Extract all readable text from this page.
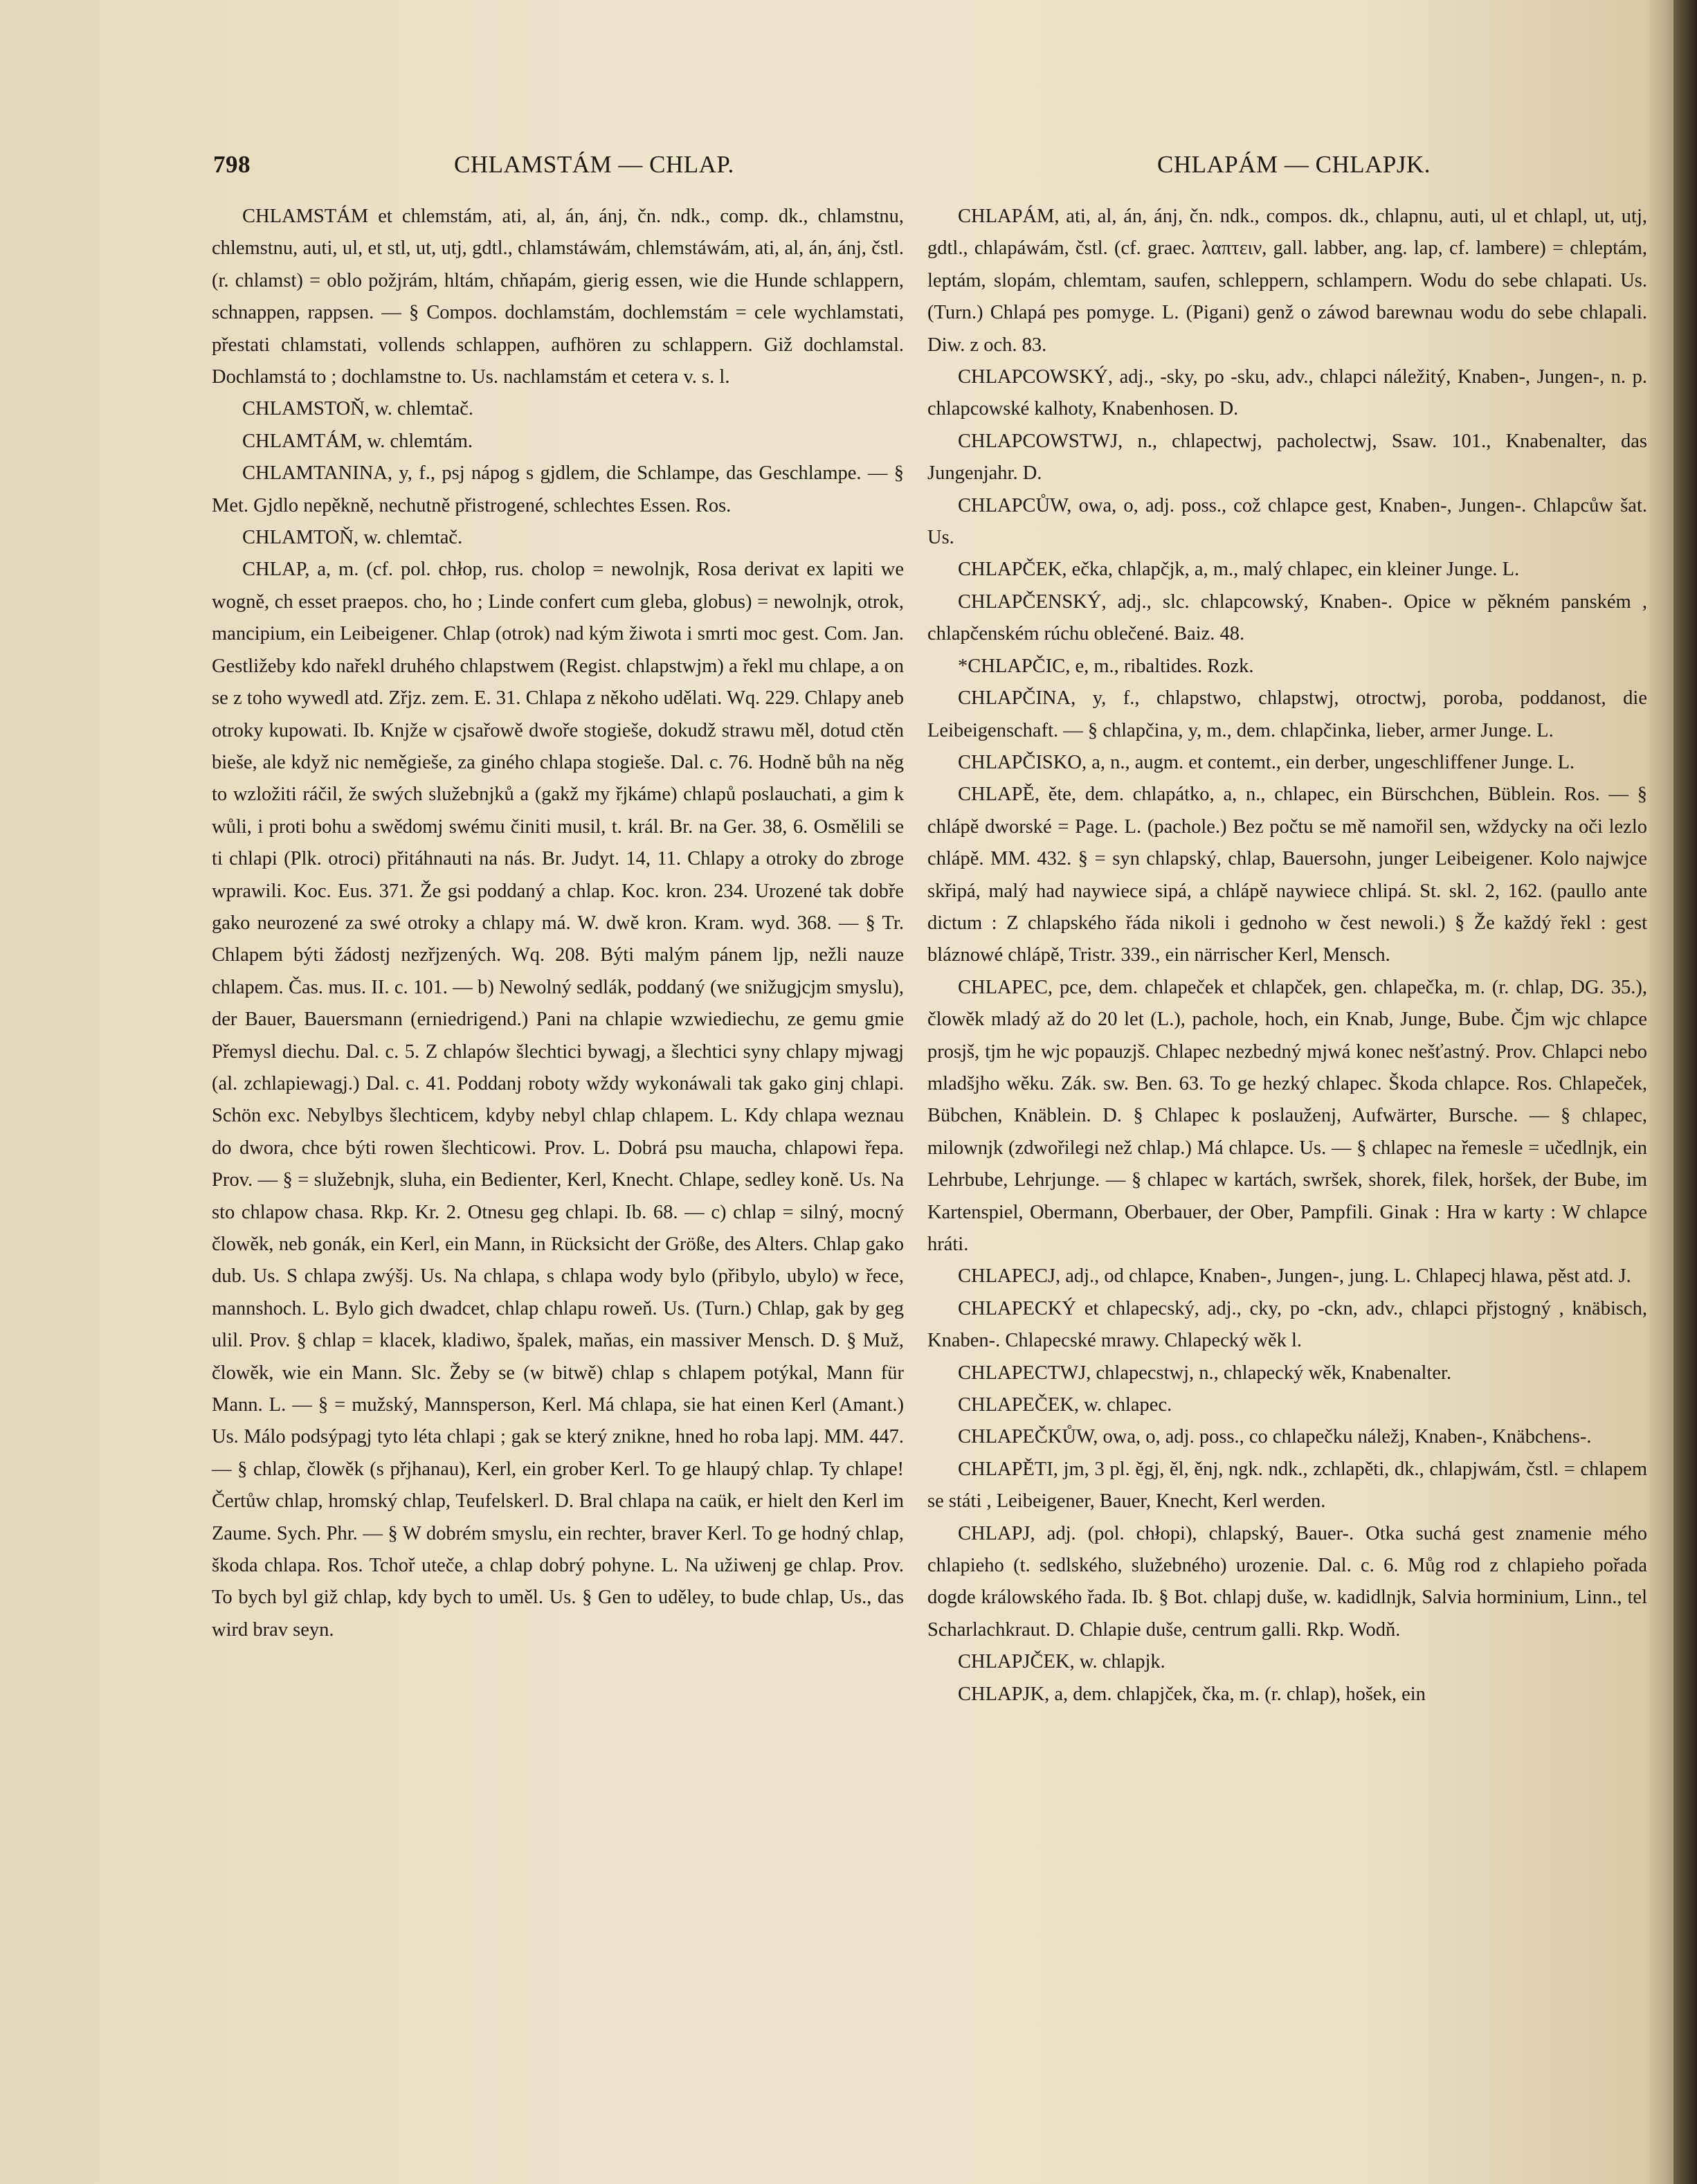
798	CHLAMSTÁM — CHLAP.	CHLAPÁM — CHLAPJK.

CHLAMSTÁM et chlemstám, ati, al, án, ánj, čn. ndk., comp. dk., chlamstnu, chlemstnu, auti, ul, et stl, ut, utj, gdtl., chlamstáwám, chlemstáwám, ati, al, án, ánj, čstl. (r. chlamst) = oblo požjrám, hltám, chňapám, gierig essen, wie die Hunde schlappern, schnappen, rappsen. — § Compos. dochlamstám, dochlemstám = cele wychlamstati, přestati chlamstati, vollends schlappen, aufhören zu schlappern. Giž dochlamstal. Dochlamstá to ; dochlamstne to. Us. nachlamstám et cetera v. s. l.

CHLAMSTOŇ, w. chlemtač.

CHLAMTÁM, w. chlemtám.

CHLAMTANINA, y, f., psj nápog s gjdlem, die Schlampe, das Geschlampe. — § Met. Gjdlo nepěkně, nechutně přistrogené, schlechtes Essen. Ros.

CHLAMTOŇ, w. chlemtač.

CHLAP, a, m. (cf. pol. chłop, rus. cholop = newolnjk, Rosa derivat ex lapiti we wogně, ch esset praepos. cho, ho ; Linde confert cum gleba, globus) = newolnjk, otrok, mancipium, ein Leibeigener. Chlap (otrok) nad kým žiwota i smrti moc gest. Com. Jan. Gestližeby kdo nařekl druhého chlapstwem (Regist. chlapstwjm) a řekl mu chlape, a on se z toho wywedl atd. Zřjz. zem. E. 31. Chlapa z někoho udělati. Wq. 229. Chlapy aneb otroky kupowati. Ib. Knjže w cjsařowě dwoře stogieše, dokudž strawu měl, dotud ctěn bieše, ale když nic neměgieše, za giného chlapa stogieše. Dal. c. 76. Hodně bůh na něg to wzložiti ráčil, že swých služebnjků a (gakž my řjkáme) chlapů poslauchati, a gim k wůli, i proti bohu a swědomj swému činiti musil, t. král. Br. na Ger. 38, 6. Osmělili se ti chlapi (Plk. otroci) přitáhnauti na nás. Br. Judyt. 14, 11. Chlapy a otroky do zbroge wprawili. Koc. Eus. 371. Že gsi poddaný a chlap. Koc. kron. 234. Urozené tak dobře gako neurozené za swé otroky a chlapy má. W. dwě kron. Kram. wyd. 368. — § Tr. Chlapem býti žádostj nezřjzených. Wq. 208. Býti malým pánem ljp, nežli nauze chlapem. Čas. mus. II. c. 101. — b) Newolný sedlák, poddaný (we snižugjcjm smyslu), der Bauer, Bauersmann (erniedrigend.) Pani na chlapie wzwiediechu, ze gemu gmie Přemysl diechu. Dal. c. 5. Z chlapów šlechtici bywagj, a šlechtici syny chlapy mjwagj (al. zchlapiewagj.) Dal. c. 41. Poddanj roboty wždy wykonáwali tak gako ginj chlapi. Schön exc. Nebylbys šlechticem, kdyby nebyl chlap chlapem. L. Kdy chlapa weznau do dwora, chce býti rowen šlechticowi. Prov. L. Dobrá psu maucha, chlapowi řepa. Prov. — § = služebnjk, sluha, ein Bedienter, Kerl, Knecht. Chlape, sedley koně. Us. Na sto chlapow chasa. Rkp. Kr. 2. Otnesu geg chlapi. Ib. 68. — c) chlap = silný, mocný člowěk, neb gonák, ein Kerl, ein Mann, in Rücksicht der Größe, des Alters. Chlap gako dub. Us. S chlapa zwýšj. Us. Na chlapa, s chlapa wody bylo (přibylo, ubylo) w řece, mannshoch. L. Bylo gich dwadcet, chlap chlapu roweň. Us. (Turn.) Chlap, gak by geg ulil. Prov. § chlap = klacek, kladiwo, špalek, maňas, ein massiver Mensch. D. § Muž, člowěk, wie ein Mann. Slc. Žeby se (w bitwě) chlap s chlapem potýkal, Mann für Mann. L. — § = mužský, Mannsperson, Kerl. Má chlapa, sie hat einen Kerl (Amant.) Us. Málo podsýpagj tyto léta chlapi ; gak se který znikne, hned ho roba lapj. MM. 447. — § chlap, člowěk (s přjhanau), Kerl, ein grober Kerl. To ge hlaupý chlap. Ty chlape! Čertůw chlap, hromský chlap, Teufelskerl. D. Bral chlapa na caük, er hielt den Kerl im Zaume. Sych. Phr. — § W dobrém smyslu, ein rechter, braver Kerl. To ge hodný chlap, škoda chlapa. Ros. Tchoř uteče, a chlap dobrý pohyne. L. Na užiwenj ge chlap. Prov. To bych byl giž chlap, kdy bych to uměl. Us. § Gen to uděley, to bude chlap, Us., das wird brav seyn.

CHLAPÁM, ati, al, án, ánj, čn. ndk., compos. dk., chlapnu, auti, ul et chlapl, ut, utj, gdtl., chlapáwám, čstl. (cf. graec. λαπτειν, gall. labber, ang. lap, cf. lambere) = chleptám, leptám, slopám, chlemtam, saufen, schleppern, schlampern. Wodu do sebe chlapati. Us. (Turn.) Chlapá pes pomyge. L. (Pigani) genž o záwod barewnau wodu do sebe chlapali. Diw. z och. 83.

CHLAPCOWSKÝ, adj., -sky, po -sku, adv., chlapci náležitý, Knaben-, Jungen-, n. p. chlapcowské kalhoty, Knabenhosen. D.

CHLAPCOWSTWJ, n., chlapectwj, pacholectwj, Ssaw. 101., Knabenalter, das Jungenjahr. D.

CHLAPCŮW, owa, o, adj. poss., což chlapce gest, Knaben-, Jungen-. Chlapcůw šat. Us.

CHLAPČEK, ečka, chlapčjk, a, m., malý chlapec, ein kleiner Junge. L.

CHLAPČENSKÝ, adj., slc. chlapcowský, Knaben-. Opice w pěkném panském , chlapčenském rúchu oblečené. Baiz. 48.

*CHLAPČIC, e, m., ribaltides. Rozk.

CHLAPČINA, y, f., chlapstwo, chlapstwj, otroctwj, poroba, poddanost, die Leibeigenschaft. — § chlapčina, y, m., dem. chlapčinka, lieber, armer Junge. L.

CHLAPČISKO, a, n., augm. et contemt., ein derber, ungeschliffener Junge. L.

CHLAPĚ, ěte, dem. chlapátko, a, n., chlapec, ein Bürschchen, Büblein. Ros. — § chlápě dworské = Page. L. (pachole.) Bez počtu se mě namořil sen, wždycky na oči lezlo chlápě. MM. 432. § = syn chlapský, chlap, Bauersohn, junger Leibeigener. Kolo najwjce skřipá, malý had naywiece sipá, a chlápě naywiece chlipá. St. skl. 2, 162. (paullo ante dictum : Z chlapského řáda nikoli i gednoho w čest newoli.) § Že každý řekl : gest bláznowé chlápě, Tristr. 339., ein närrischer Kerl, Mensch.

CHLAPEC, pce, dem. chlapeček et chlapček, gen. chlapečka, m. (r. chlap, DG. 35.), člowěk mladý až do 20 let (L.), pachole, hoch, ein Knab, Junge, Bube. Čjm wjc chlapce prosjš, tjm he wjc popauzjš. Chlapec nezbedný mjwá konec nešťastný. Prov. Chlapci nebo mladšjho wěku. Zák. sw. Ben. 63. To ge hezký chlapec. Škoda chlapce. Ros. Chlapeček, Bübchen, Knäblein. D. § Chlapec k poslauženj, Aufwärter, Bursche. — § chlapec, milownjk (zdwořilegi než chlap.) Má chlapce. Us. — § chlapec na řemesle = učedlnjk, ein Lehrbube, Lehrjunge. — § chlapec w kartách, swršek, shorek, filek, horšek, der Bube, im Kartenspiel, Obermann, Oberbauer, der Ober, Pampfili. Ginak : Hra w karty : W chlapce hráti.

CHLAPECJ, adj., od chlapce, Knaben-, Jungen-, jung. L. Chlapecj hlawa, pěst atd. J.

CHLAPECKÝ et chlapecský, adj., cky, po -ckn, adv., chlapci přjstogný , knäbisch, Knaben-. Chlapecské mrawy. Chlapecký wěk l.

CHLAPECTWJ, chlapecstwj, n., chlapecký wěk, Knabenalter.

CHLAPEČEK, w. chlapec.

CHLAPEČKŮW, owa, o, adj. poss., co chlapečku náležj, Knaben-, Knäbchens-.

CHLAPĚTI, jm, 3 pl. ěgj, ěl, ěnj, ngk. ndk., zchlapěti, dk., chlapjwám, čstl. = chlapem se státi , Leibeigener, Bauer, Knecht, Kerl werden.

CHLAPJ, adj. (pol. chłopi), chlapský, Bauer-. Otka suchá gest znamenie mého chlapieho (t. sedlského, služebného) urozenie. Dal. c. 6. Můg rod z chlapieho pořada dogde králowského řada. Ib. § Bot. chlapj duše, w. kadidlnjk, Salvia horminium, Linn., tel Scharlachkraut. D. Chlapie duše, centrum galli. Rkp. Wodň.

CHLAPJČEK, w. chlapjk.

CHLAPJK, a, dem. chlapjček, čka, m. (r. chlap), hošek, ein
